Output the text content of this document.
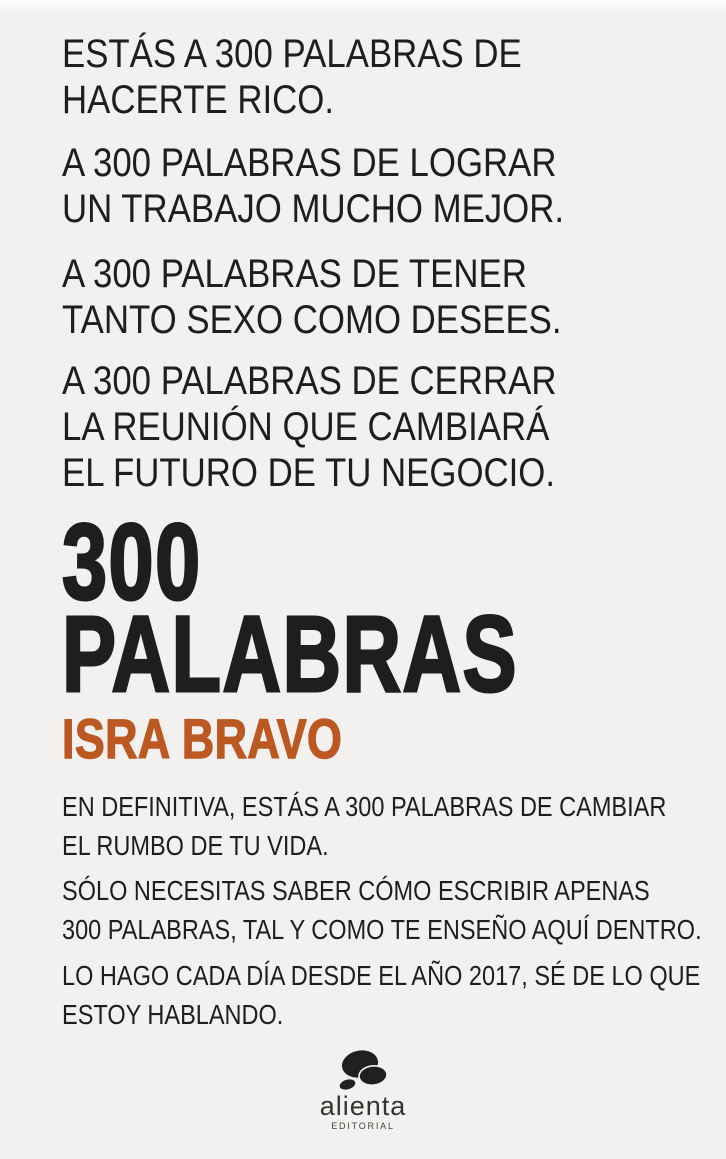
ESTÁS A 300 PALABRAS DE
HACERTE RICO.

A 300 PALABRAS DE LOGRAR
UN TRABAJO MUCHO MEJOR.

A 300 PALABRAS DE TENER
TANTO SEXO COMO DESEES.

A 300 PALABRAS DE CERRAR
LA REUNIÓN QUE CAMBIARÁ
EL FUTURO DE TU NEGOCIO.

300
PALABRAS
ISRA BRAVO

EN DEFINITIVA, ESTÁS A 300 PALABRAS DE CAMBIAR
EL RUMBO DE TU VIDA.

SÓLO NECESITAS SABER CÓMO ESCRIBIR APENAS
300 PALABRAS, TAL Y COMO TE ENSEÑO AQUÍ DENTRO.

LO HAGO CADA DÍA DESDE EL AÑO 2017, SÉ DE LO QUE
ESTOY HABLANDO.

alienta
EDITORIAL
